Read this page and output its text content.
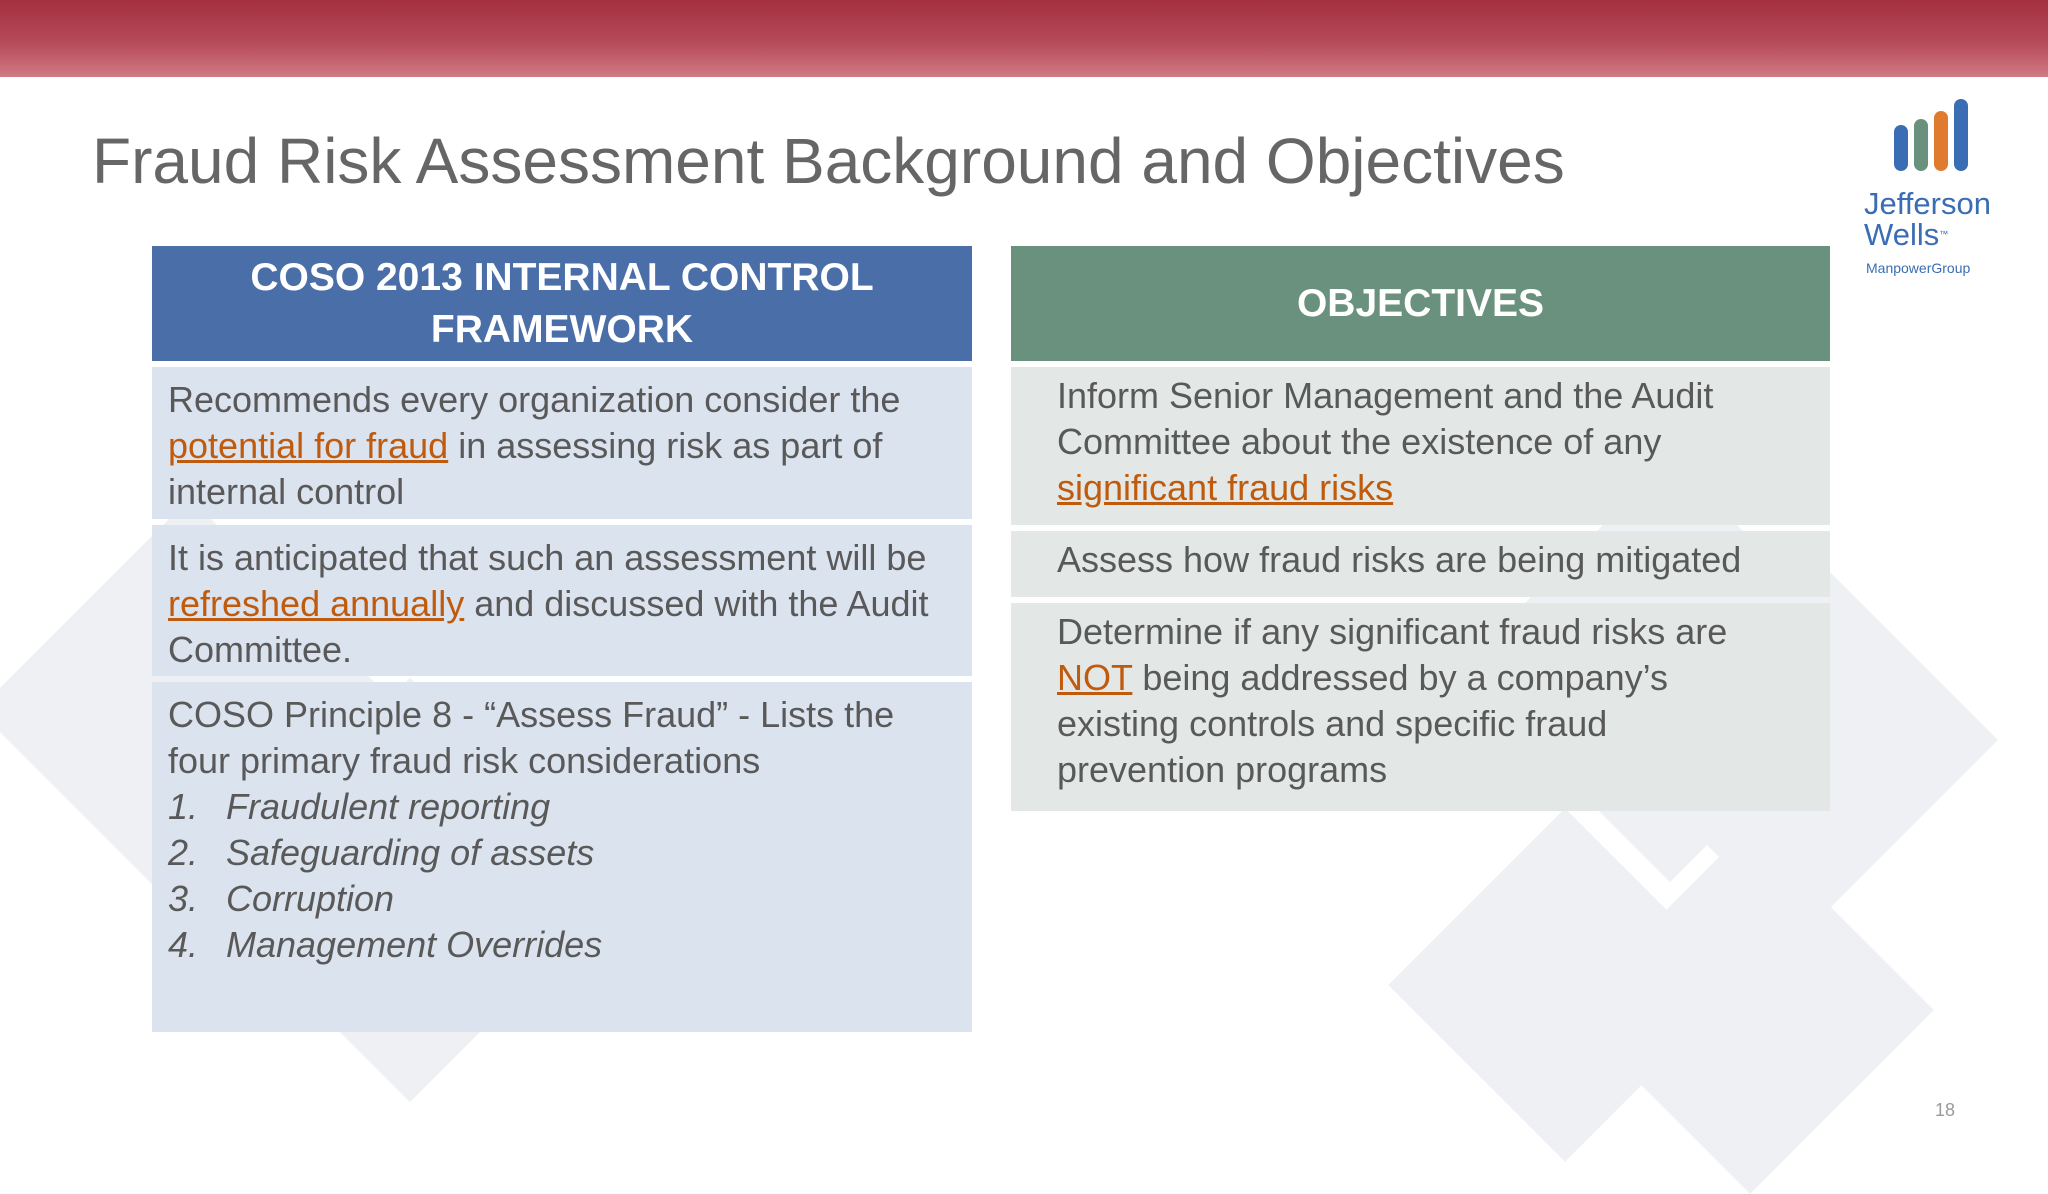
Fraud Risk Assessment Background and Objectives
Jefferson
Wells™
ManpowerGroup
COSO 2013 INTERNAL CONTROL FRAMEWORK
Recommends every organization consider the potential for fraud in assessing risk as part of internal control
It is anticipated that such an assessment will be refreshed annually and discussed with the Audit Committee.
COSO Principle 8 - “Assess Fraud” - Lists the four primary fraud risk considerations
1. Fraudulent reporting
2. Safeguarding of assets
3. Corruption
4. Management Overrides
OBJECTIVES
Inform Senior Management and the Audit Committee about the existence of any significant fraud risks
Assess how fraud risks are being mitigated
Determine if any significant fraud risks are NOT being addressed by a company’s existing controls and specific fraud prevention programs
18
